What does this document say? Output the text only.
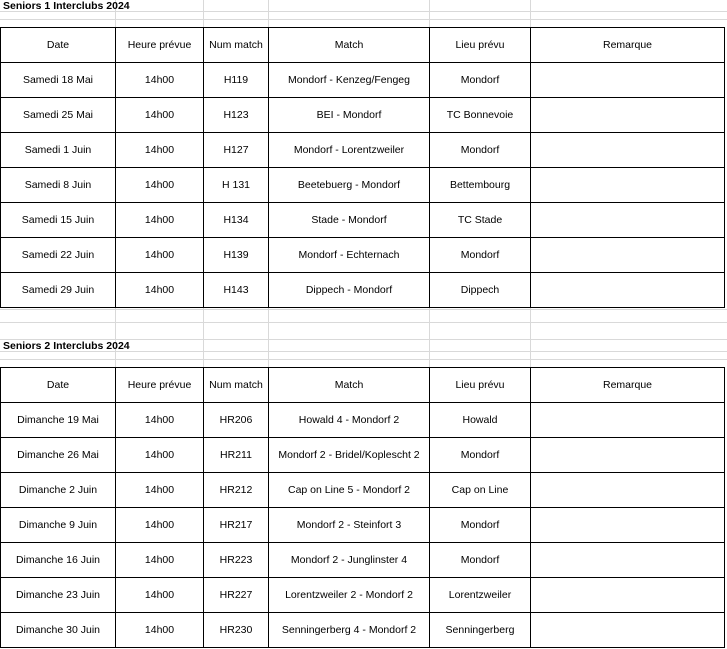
Seniors 1 Interclubs 2024
Date	Heure prévue	Num match	Match	Lieu prévu	Remarque
Samedi 18 Mai	14h00	H119	Mondorf - Kenzeg/Fengeg	Mondorf	
Samedi 25 Mai	14h00	H123	BEI - Mondorf	TC Bonnevoie	
Samedi 1 Juin	14h00	H127	Mondorf - Lorentzweiler	Mondorf	
Samedi 8 Juin	14h00	H 131	Beetebuerg - Mondorf	Bettembourg	
Samedi 15 Juin	14h00	H134	Stade - Mondorf	TC Stade	
Samedi 22 Juin	14h00	H139	Mondorf - Echternach	Mondorf	
Samedi 29 Juin	14h00	H143	Dippech - Mondorf	Dippech	
Seniors 2 Interclubs 2024
Date	Heure prévue	Num match	Match	Lieu prévu	Remarque
Dimanche 19 Mai	14h00	HR206	Howald 4 - Mondorf 2	Howald	
Dimanche 26 Mai	14h00	HR211	Mondorf 2 - Bridel/Koplescht 2	Mondorf	
Dimanche 2 Juin	14h00	HR212	Cap on Line 5 - Mondorf 2	Cap on Line	
Dimanche 9 Juin	14h00	HR217	Mondorf 2 - Steinfort 3	Mondorf	
Dimanche 16 Juin	14h00	HR223	Mondorf 2 - Junglinster 4	Mondorf	
Dimanche 23 Juin	14h00	HR227	Lorentzweiler 2 - Mondorf 2	Lorentzweiler	
Dimanche 30 Juin	14h00	HR230	Senningerberg 4 - Mondorf 2	Senningerberg	
